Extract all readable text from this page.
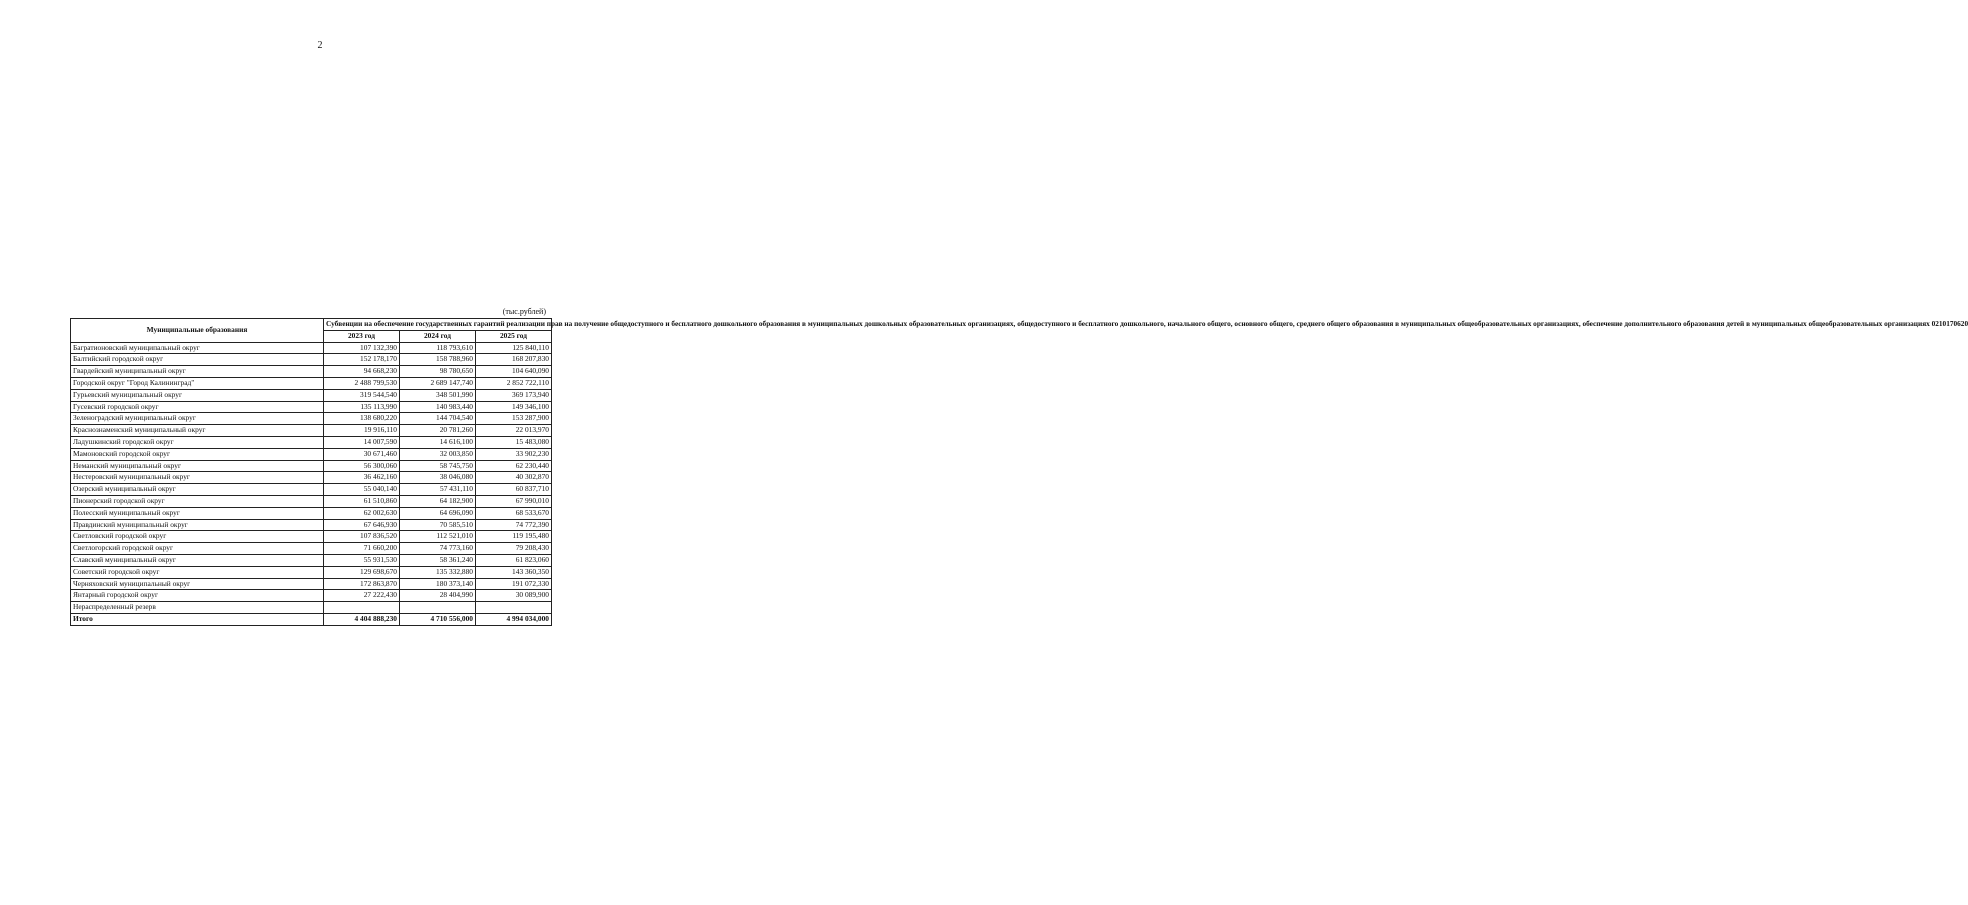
2
(тыс.рублей)
Муниципальные образования	Субвенции на обеспечение государственных гарантий реализации прав на получение общедоступного и бесплатного дошкольного образования в муниципальных дошкольных образовательных организациях, общедоступного и бесплатного дошкольного, начального общего, основного общего, среднего общего образования в муниципальных общеобразовательных организациях, обеспечение дополнительного образования детей в муниципальных общеобразовательных организациях 0210170620		
	2023 год	2024 год	2025 год
Багратионовский муниципальный округ	107 132,390	118 793,610	125 840,110
Балтийский городской округ	152 178,170	158 788,960	168 207,830
Гвардейский муниципальный округ	94 668,230	98 780,650	104 640,090
Городской округ "Город Калининград"	2 488 799,530	2 689 147,740	2 852 722,110
Гурьевский муниципальный округ	319 544,540	348 501,990	369 173,940
Гусевский городской округ	135 113,990	140 983,440	149 346,100
Зеленоградский муниципальный округ	138 680,220	144 704,540	153 287,900
Краснознаменский муниципальный округ	19 916,110	20 781,260	22 013,970
Ладушкинский городской округ	14 007,590	14 616,100	15 483,080
Мамоновский городской округ	30 671,460	32 003,850	33 902,230
Неманский муниципальный округ	56 300,060	58 745,750	62 230,440
Нестеровский муниципальный округ	36 462,160	38 046,080	40 302,870
Озерский муниципальный округ	55 040,140	57 431,110	60 837,710
Пионерский городской округ	61 510,860	64 182,900	67 990,010
Полесский муниципальный округ	62 002,630	64 696,090	68 533,670
Правдинский муниципальный округ	67 646,930	70 585,510	74 772,390
Светловский городской округ	107 836,520	112 521,010	119 195,480
Светлогорский городской округ	71 660,200	74 773,160	79 208,430
Славский муниципальный округ	55 931,530	58 361,240	61 823,060
Советский городской округ	129 698,670	135 332,880	143 360,350
Черняховский муниципальный округ	172 863,870	180 373,140	191 072,330
Янтарный городской округ	27 222,430	28 404,990	30 089,900
Нераспределенный резерв			
Итого	4 404 888,230	4 710 556,000	4 994 034,000
